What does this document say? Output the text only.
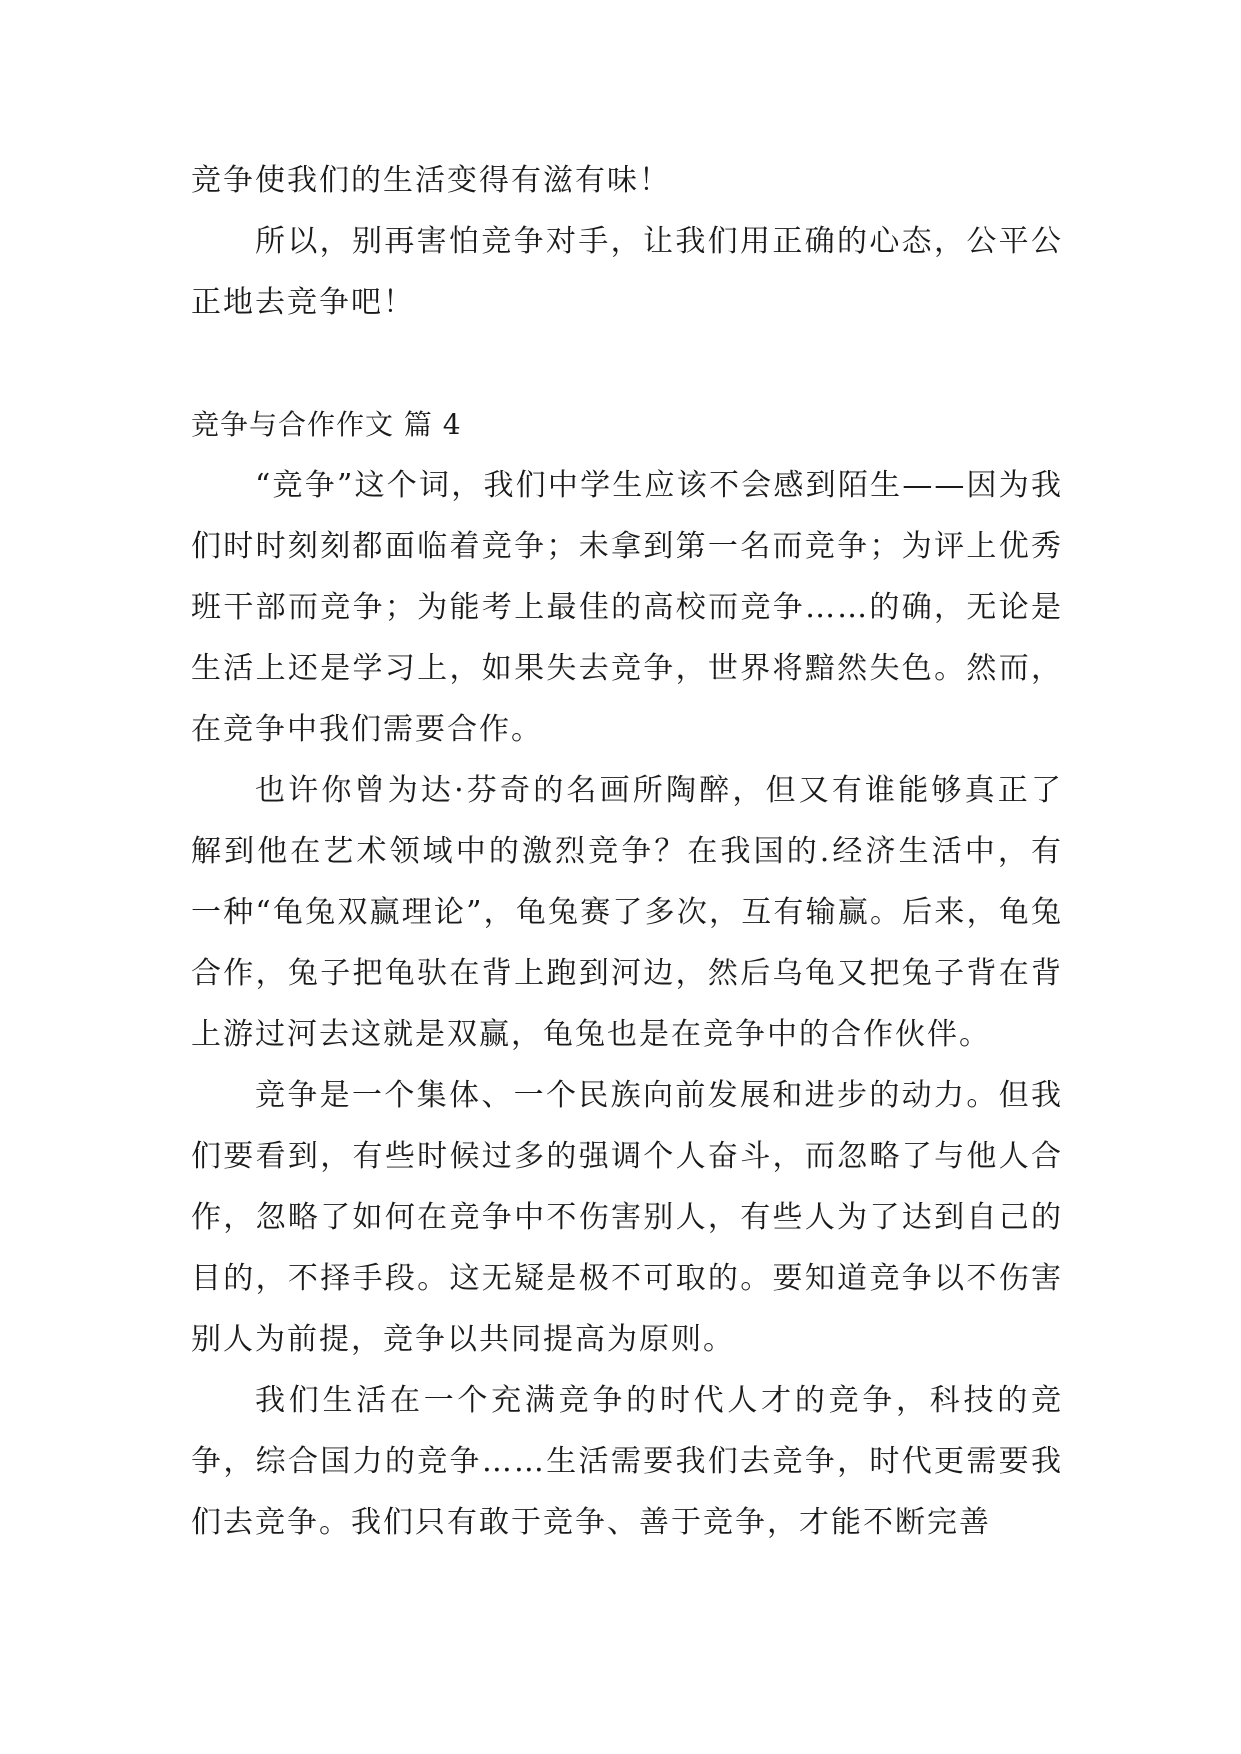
竞争使我们的生活变得有滋有味！

所以，别再害怕竞争对手，让我们用正确的心态，公平公正地去竞争吧！

竞争与合作作文 篇 4

“竞争”这个词，我们中学生应该不会感到陌生——因为我们时时刻刻都面临着竞争；未拿到第一名而竞争；为评上优秀班干部而竞争；为能考上最佳的高校而竞争……的确，无论是生活上还是学习上，如果失去竞争，世界将黯然失色。然而，在竞争中我们需要合作。

也许你曾为达·芬奇的名画所陶醉，但又有谁能够真正了解到他在艺术领域中的激烈竞争？在我国的.经济生活中，有一种“龟兔双赢理论”，龟兔赛了多次，互有输赢。后来，龟兔合作，兔子把龟驮在背上跑到河边，然后乌龟又把兔子背在背上游过河去这就是双赢，龟兔也是在竞争中的合作伙伴。

竞争是一个集体、一个民族向前发展和进步的动力。但我们要看到，有些时候过多的强调个人奋斗，而忽略了与他人合作，忽略了如何在竞争中不伤害别人，有些人为了达到自己的目的，不择手段。这无疑是极不可取的。要知道竞争以不伤害别人为前提，竞争以共同提高为原则。

我们生活在一个充满竞争的时代人才的竞争，科技的竞争，综合国力的竞争……生活需要我们去竞争，时代更需要我们去竞争。我们只有敢于竞争、善于竞争，才能不断完善
